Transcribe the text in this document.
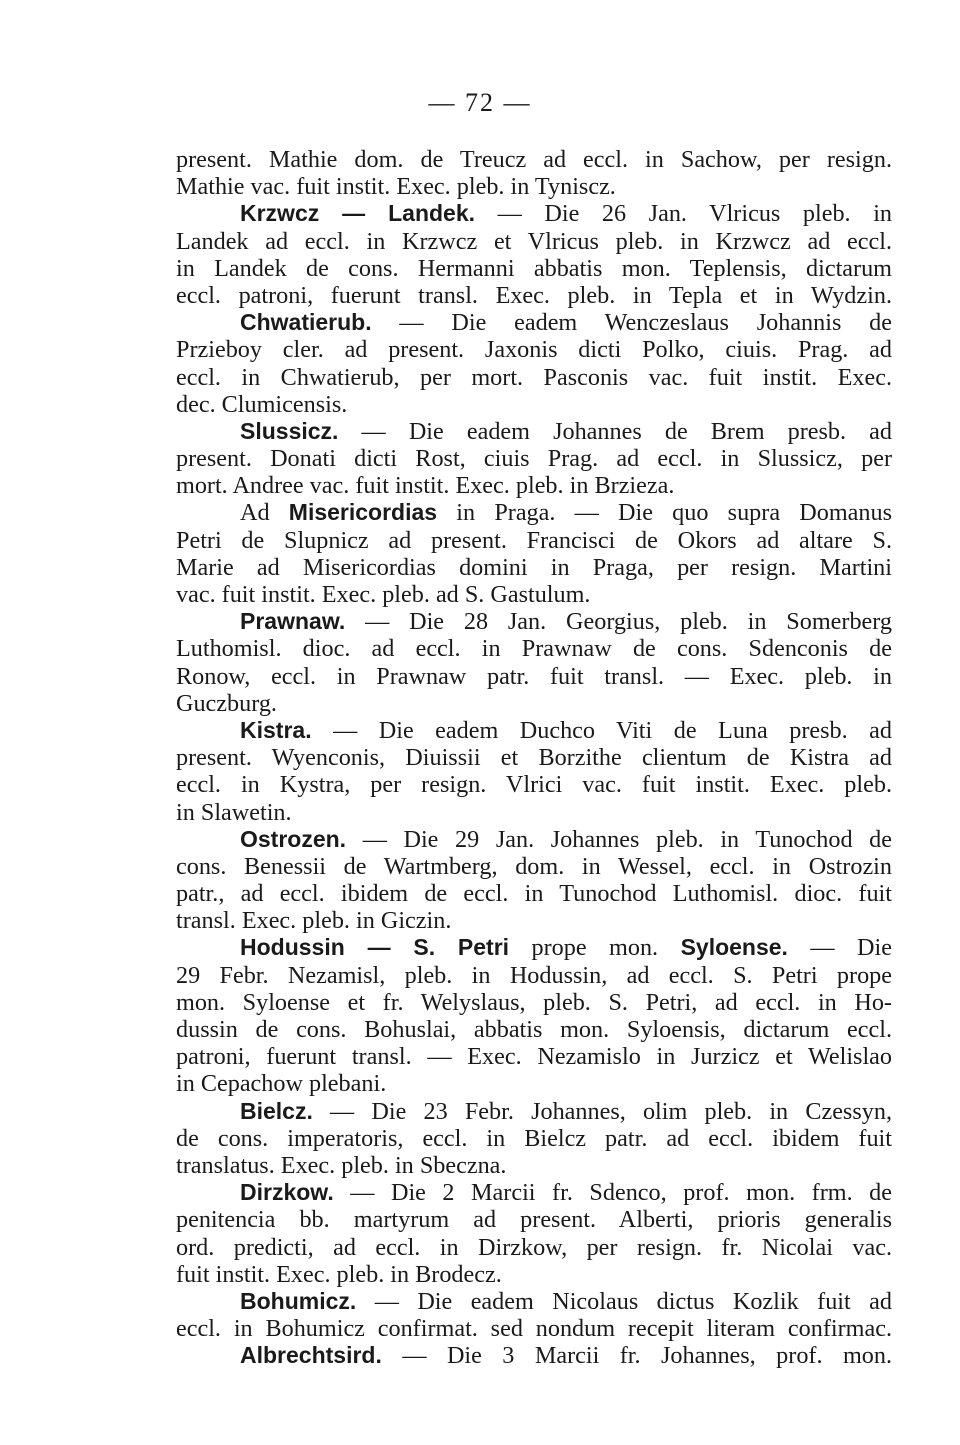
— 72 —
present. Mathie dom. de Treucz ad eccl. in Sachow, per resign.
Mathie vac. fuit instit. Exec. pleb. in Tyniscz.
Krzwcz — Landek. — Die 26 Jan. Vlricus pleb. in
Landek ad eccl. in Krzwcz et Vlricus pleb. in Krzwcz ad eccl.
in Landek de cons. Hermanni abbatis mon. Teplensis, dictarum
eccl. patroni, fuerunt transl. Exec. pleb. in Tepla et in Wydzin.
Chwatierub. — Die eadem Wenczeslaus Johannis de
Przieboy cler. ad present. Jaxonis dicti Polko, ciuis. Prag. ad
eccl. in Chwatierub, per mort. Pasconis vac. fuit instit. Exec.
dec. Clumicensis.
Slussicz. — Die eadem Johannes de Brem presb. ad
present. Donati dicti Rost, ciuis Prag. ad eccl. in Slussicz, per
mort. Andree vac. fuit instit. Exec. pleb. in Brzieza.
Ad Misericordias in Praga. — Die quo supra Domanus
Petri de Slupnicz ad present. Francisci de Okors ad altare S.
Marie ad Misericordias domini in Praga, per resign. Martini
vac. fuit instit. Exec. pleb. ad S. Gastulum.
Prawnaw. — Die 28 Jan. Georgius, pleb. in Somerberg
Luthomisl. dioc. ad eccl. in Prawnaw de cons. Sdenconis de
Ronow, eccl. in Prawnaw patr. fuit transl. — Exec. pleb. in
Guczburg.
Kistra. — Die eadem Duchco Viti de Luna presb. ad
present. Wyenconis, Diuissii et Borzithe clientum de Kistra ad
eccl. in Kystra, per resign. Vlrici vac. fuit instit. Exec. pleb.
in Slawetin.
Ostrozen. — Die 29 Jan. Johannes pleb. in Tunochod de
cons. Benessii de Wartmberg, dom. in Wessel, eccl. in Ostrozin
patr., ad eccl. ibidem de eccl. in Tunochod Luthomisl. dioc. fuit
transl. Exec. pleb. in Giczin.
Hodussin — S. Petri prope mon. Syloense. — Die
29 Febr. Nezamisl, pleb. in Hodussin, ad eccl. S. Petri prope
mon. Syloense et fr. Welyslaus, pleb. S. Petri, ad eccl. in Ho-
dussin de cons. Bohuslai, abbatis mon. Syloensis, dictarum eccl.
patroni, fuerunt transl. — Exec. Nezamislo in Jurzicz et Welislao
in Cepachow plebani.
Bielcz. — Die 23 Febr. Johannes, olim pleb. in Czessyn,
de cons. imperatoris, eccl. in Bielcz patr. ad eccl. ibidem fuit
translatus. Exec. pleb. in Sbeczna.
Dirzkow. — Die 2 Marcii fr. Sdenco, prof. mon. frm. de
penitencia bb. martyrum ad present. Alberti, prioris generalis
ord. predicti, ad eccl. in Dirzkow, per resign. fr. Nicolai vac.
fuit instit. Exec. pleb. in Brodecz.
Bohumicz. — Die eadem Nicolaus dictus Kozlik fuit ad
eccl. in Bohumicz confirmat. sed nondum recepit literam confirmac.
Albrechtsird. — Die 3 Marcii fr. Johannes, prof. mon.
